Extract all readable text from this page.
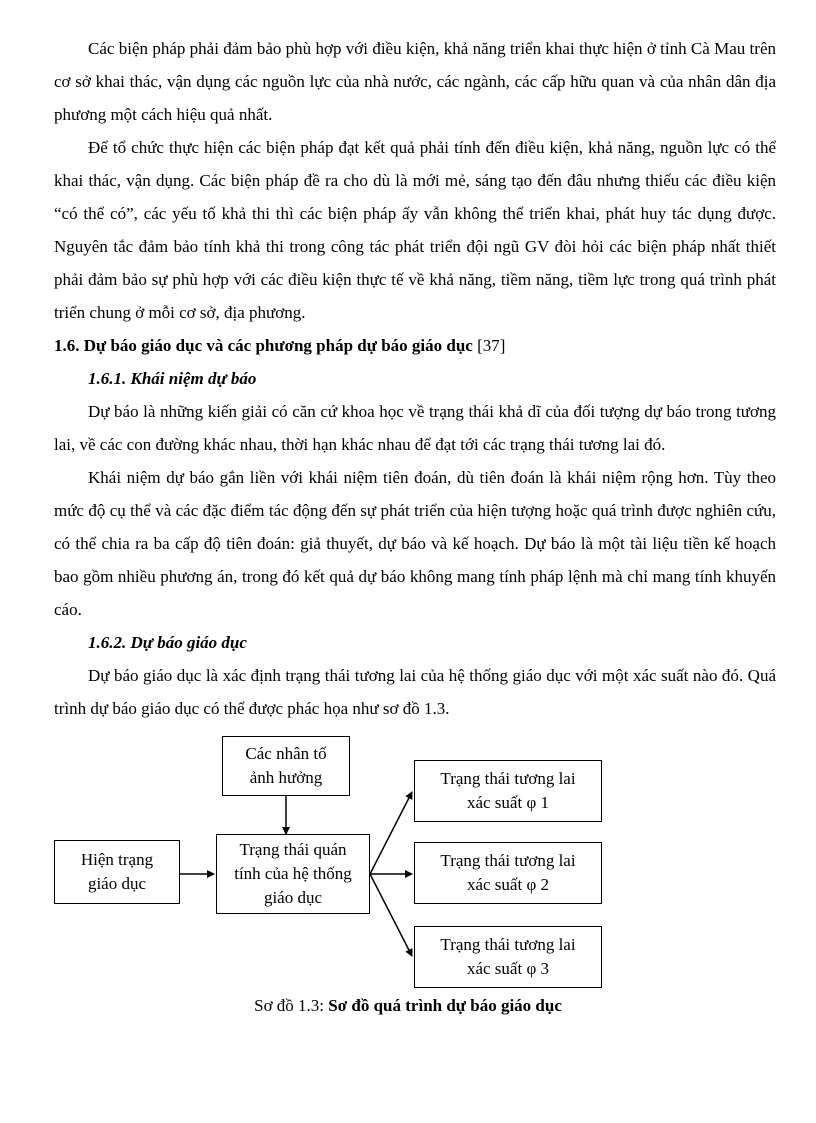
Các biện pháp phải đảm bảo phù hợp với điều kiện, khả năng triển khai thực hiện ở tỉnh Cà Mau trên cơ sở khai thác, vận dụng các nguồn lực của nhà nước, các ngành, các cấp hữu quan và của nhân dân địa phương một cách hiệu quả nhất.

Để tổ chức thực hiện các biện pháp đạt kết quả phải tính đến điều kiện, khả năng, nguồn lực có thể khai thác, vận dụng. Các biện pháp đề ra cho dù là mới mẻ, sáng tạo đến đâu nhưng thiếu các điều kiện “có thể có”, các yếu tố khả thi thì các biện pháp ấy vẫn không thể triển khai, phát huy tác dụng được. Nguyên tắc đảm bảo tính khả thi trong công tác phát triển đội ngũ GV đòi hỏi các biện pháp nhất thiết phải đảm bảo sự phù hợp với các điều kiện thực tế về khả năng, tiềm năng, tiềm lực trong quá trình phát triển chung ở mỗi cơ sở, địa phương.

1.6. Dự báo giáo dục và các phương pháp dự báo giáo dục [37]
1.6.1. Khái niệm dự báo

Dự báo là những kiến giải có căn cứ khoa học về trạng thái khả dĩ của đối tượng dự báo trong tương lai, về các con đường khác nhau, thời hạn khác nhau để đạt tới các trạng thái tương lai đó.

Khái niệm dự báo gắn liền với khái niệm tiên đoán, dù tiên đoán là khái niệm rộng hơn. Tùy theo mức độ cụ thể và các đặc điểm tác động đến sự phát triển của hiện tượng hoặc quá trình được nghiên cứu, có thể chia ra ba cấp độ tiên đoán: giả thuyết, dự báo và kế hoạch. Dự báo là một tài liệu tiền kế hoạch bao gồm nhiều phương án, trong đó kết quả dự báo không mang tính pháp lệnh mà chỉ mang tính khuyến cáo.

1.6.2. Dự báo giáo dục

Dự báo giáo dục là xác định trạng thái tương lai của hệ thống giáo dục với một xác suất nào đó. Quá trình dự báo giáo dục có thể được phác họa như sơ đồ 1.3.

Các nhân tố
ảnh hưởng
Hiện trạng
giáo dục
Trạng thái quán
tính của hệ thống
giáo dục
Trạng thái tương lai
xác suất φ 1
Trạng thái tương lai
xác suất φ 2
Trạng thái tương lai
xác suất φ 3
Sơ đồ 1.3: Sơ đồ quá trình dự báo giáo dục
